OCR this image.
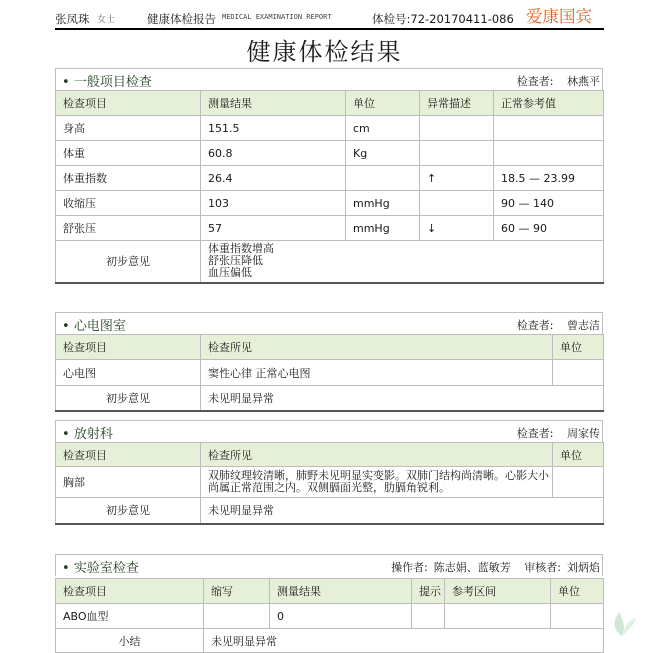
张凤珠 女士	健康体检报告 MEDICAL EXAMINATION REPORT	体检号:72-20170411-086 爱康国宾
健康体检结果
• 一般项目检查	检查者: 林燕平
检查项目	测量结果	单位	异常描述	正常参考值
身高	151.5	cm		
体重	60.8	Kg		
体重指数	26.4		↑	18.5 — 23.99
收缩压	103	mmHg		90 — 140
舒张压	57	mmHg	↓	60 — 90
初步意见	体重指数增高
舒张压降低
血压偏低			
• 心电图室	检查者: 曾志洁
检查项目	检查所见	单位
心电图	窦性心律 正常心电图	
初步意见	未见明显异常	
• 放射科	检查者: 周家传
检查项目	检查所见	单位
胸部	双肺纹理较清晰，肺野未见明显实变影。双肺门结构尚清晰。心影大小尚属正常范围之内。双侧膈面光整，肋膈角锐利。	
初步意见	未见明显异常	
• 实验室检查	操作者: 陈志娟、蓝敏芳 审核者: 刘炳焰
检查项目	缩写	测量结果	提示	参考区间	单位
ABO血型		0			
小结	未见明显异常				
